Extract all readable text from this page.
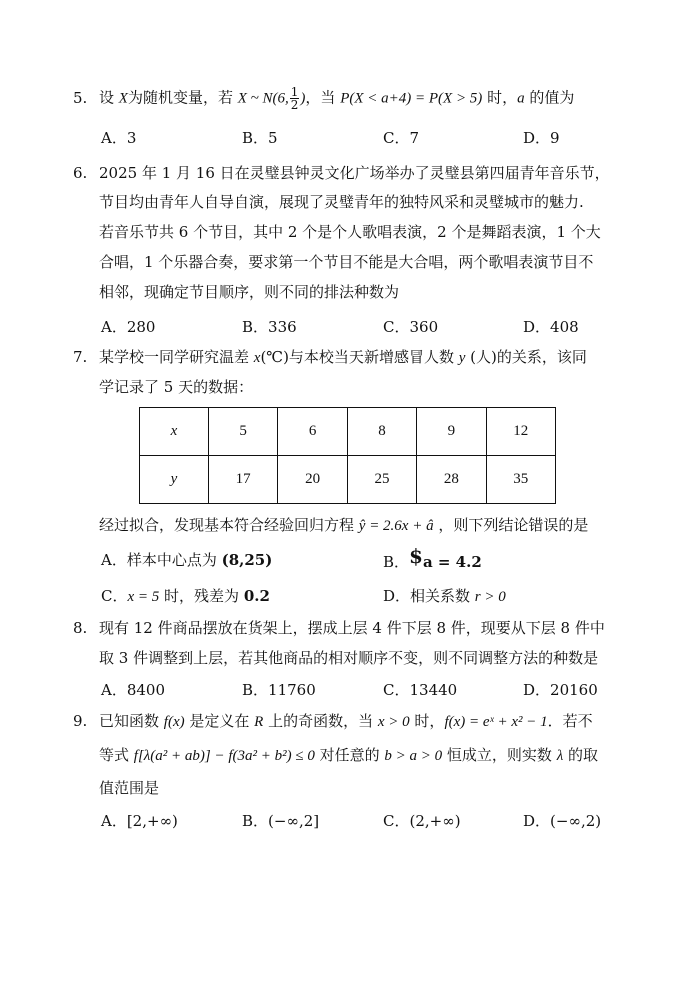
5. 设 X为随机变量，若 X ~ N(6, $\frac{1}{2}$ )，当 P(X < a+4) = P(X > 5) 时，a 的值为
A．3	B．5	C．7	D．9
6. 2025 年 1 月 16 日在灵璧县钟灵文化广场举办了灵璧县第四届青年音乐节，
节目均由青年人自导自演，展现了灵璧青年的独特风采和灵璧城市的魅力.
若音乐节共 6 个节目，其中 2 个是个人歌唱表演，2 个是舞蹈表演，1 个大
合唱，1 个乐器合奏，要求第一个节目不能是大合唱，两个歌唱表演节目不
相邻，现确定节目顺序，则不同的排法种数为
A．280	B．336	C．360	D．408
7. 某学校一同学研究温差 x(℃)与本校当天新增感冒人数 y (人)的关系，该同
学记录了 5 天的数据：
x	5	6	8	9	12
y	17	20	25	28	35
经过拟合，发现基本符合经验回归方程 ŷ = 2.6x + â ，则下列结论错误的是
A．样本中心点为 (8,25)	B．$a = 4.2
C．x = 5 时，残差为 0.2	D．相关系数 r > 0
8. 现有 12 件商品摆放在货架上，摆成上层 4 件下层 8 件，现要从下层 8 件中
取 3 件调整到上层，若其他商品的相对顺序不变，则不同调整方法的种数是
A．8400	B．11760	C．13440	D．20160
9. 已知函数 f(x) 是定义在 R 上的奇函数，当 x > 0 时，f(x) = eˣ + x² − 1．若不
等式 f[λ(a² + ab)] − f(3a² + b²) ≤ 0 对任意的 b > a > 0 恒成立，则实数 λ 的取
值范围是
A．[2,+∞)	B．(−∞,2]	C．(2,+∞)	D．(−∞,2)
